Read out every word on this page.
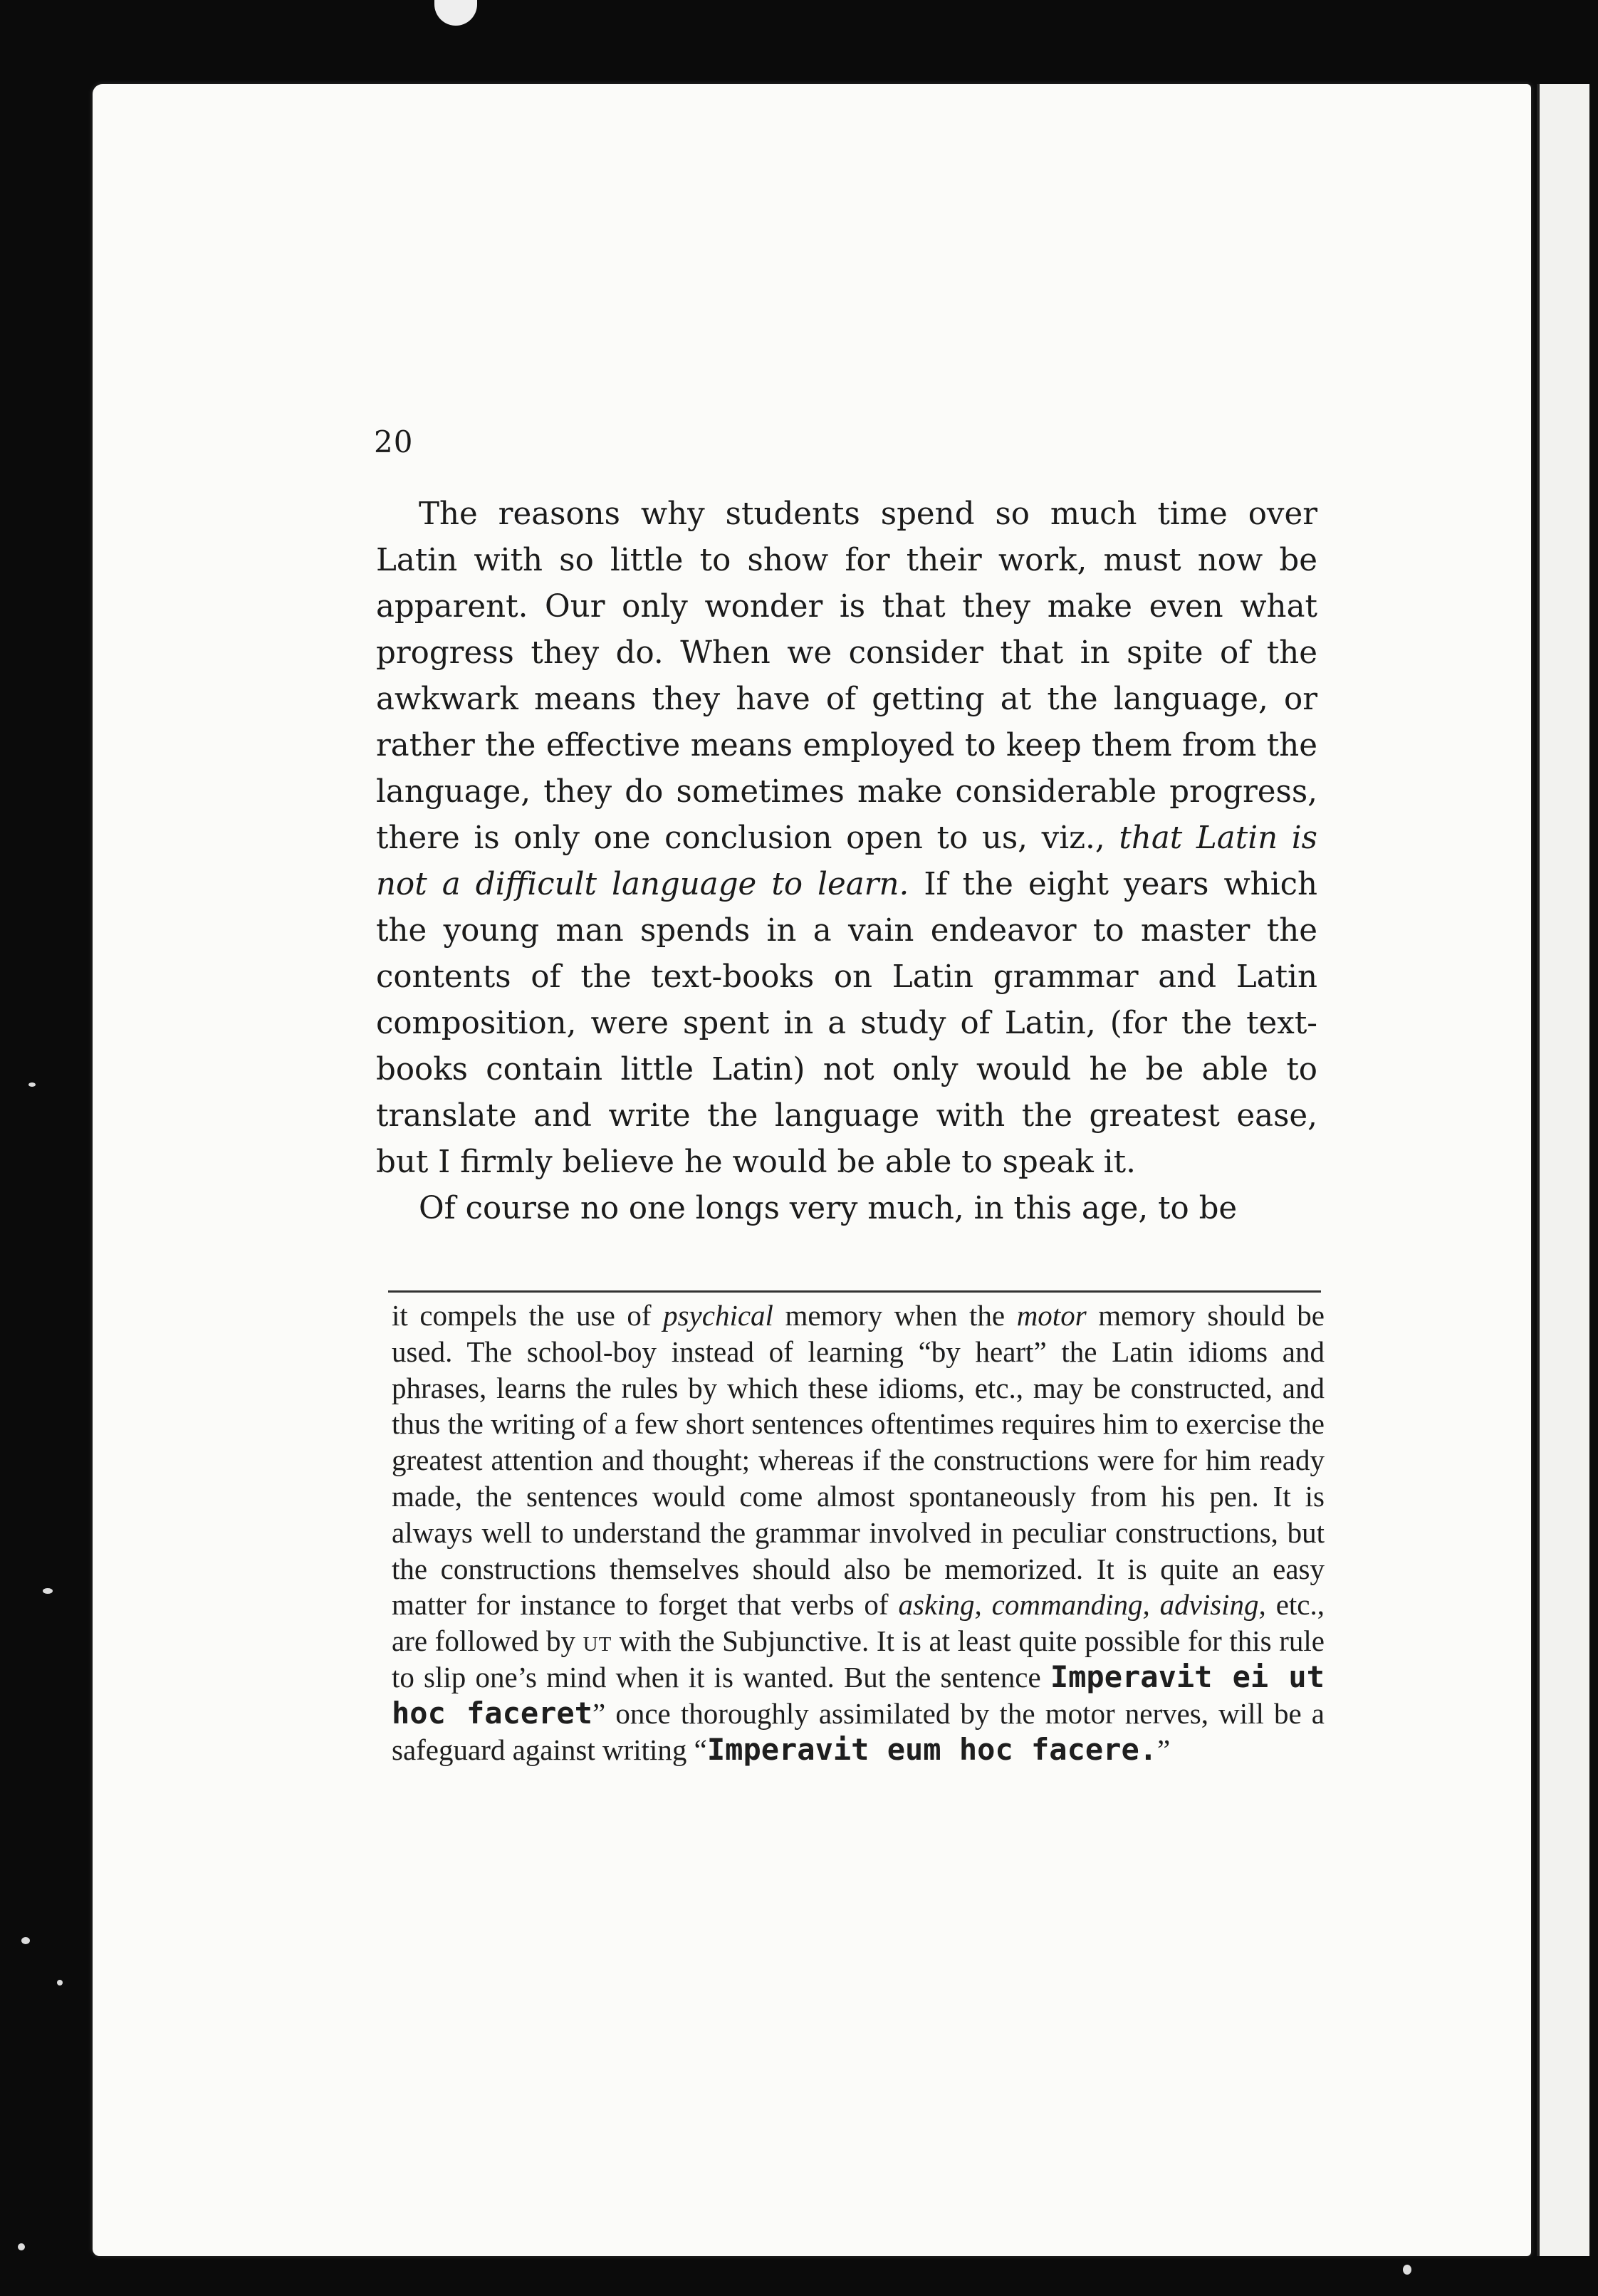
20

The reasons why students spend so much time over Latin with so little to show for their work, must now be apparent. Our only wonder is that they make even what progress they do. When we consider that in spite of the awkwark means they have of getting at the language, or rather the effective means employed to keep them from the language, they do sometimes make considerable progress, there is only one conclusion open to us, viz., that Latin is not a difficult language to learn. If the eight years which the young man spends in a vain endeavor to master the contents of the text-books on Latin grammar and Latin composition, were spent in a study of Latin, (for the text-books contain little Latin) not only would he be able to translate and write the language with the greatest ease, but I firmly believe he would be able to speak it.

Of course no one longs very much, in this age, to be

it compels the use of psychical memory when the motor memory should be used. The school-boy instead of learning “by heart” the Latin idioms and phrases, learns the rules by which these idioms, etc., may be constructed, and thus the writing of a few short sentences oftentimes requires him to exercise the greatest attention and thought; whereas if the constructions were for him ready made, the sentences would come almost spontaneously from his pen. It is always well to understand the grammar involved in peculiar constructions, but the constructions themselves should also be memorized. It is quite an easy matter for instance to forget that verbs of asking, commanding, advising, etc., are followed by ut with the Subjunctive. It is at least quite possible for this rule to slip one’s mind when it is wanted. But the sentence Imperavit ei ut hoc faceret” once thoroughly assimilated by the motor nerves, will be a safeguard against writing “Imperavit eum hoc facere.”
